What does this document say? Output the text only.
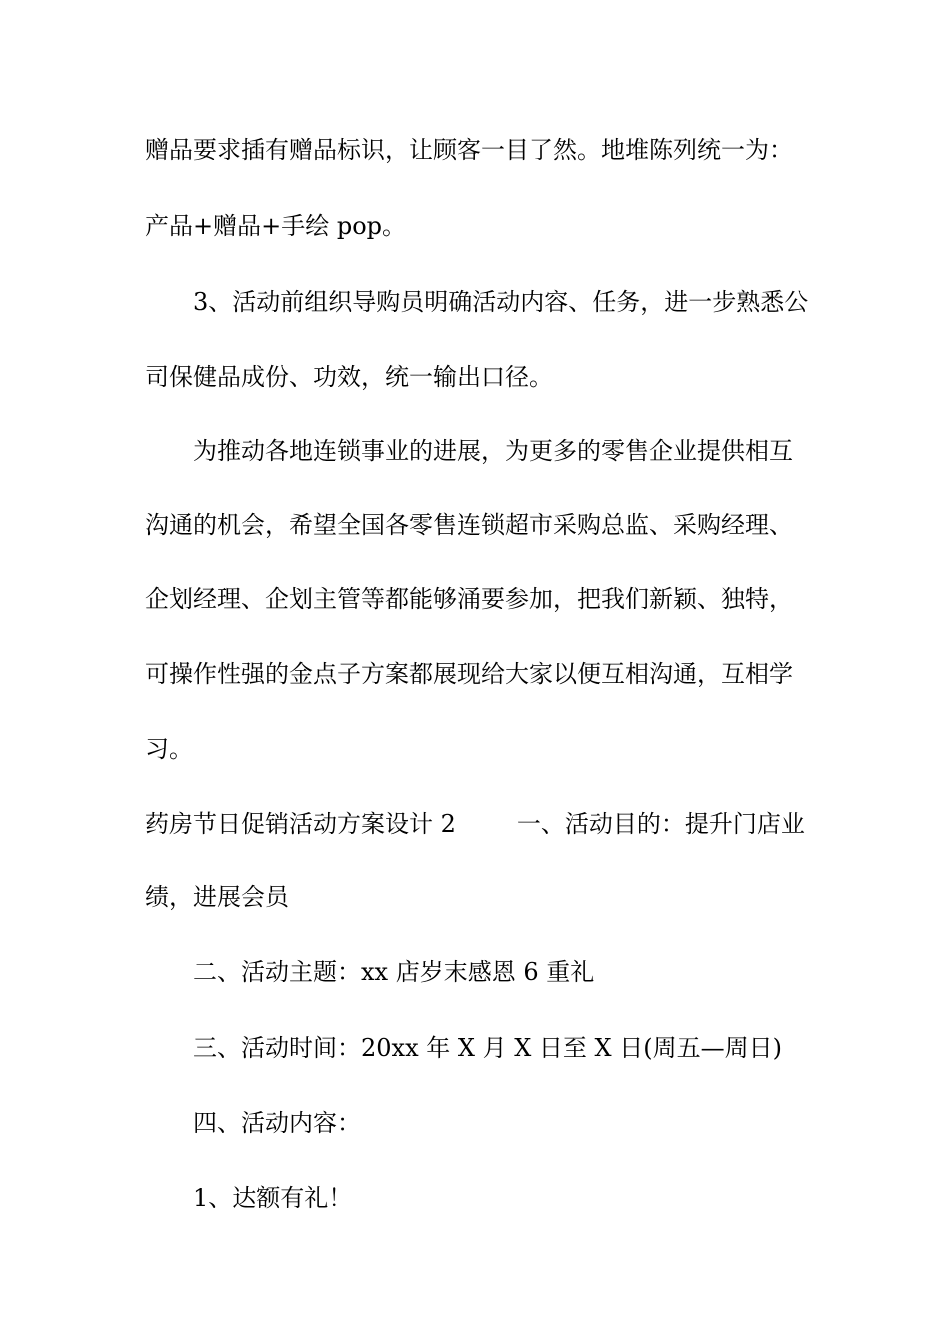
赠品要求插有赠品标识，让顾客一目了然。地堆陈列统一为：
产品+赠品+手绘 pop。
3、活动前组织导购员明确活动内容、任务，进一步熟悉公
司保健品成份、功效，统一输出口径。
为推动各地连锁事业的进展，为更多的零售企业提供相互
沟通的机会，希望全国各零售连锁超市采购总监、采购经理、
企划经理、企划主管等都能够涌要参加，把我们新颖、独特，
可操作性强的金点子方案都展现给大家以便互相沟通，互相学
习。
药房节日促销活动方案设计 2        一、活动目的：提升门店业
绩，进展会员
二、活动主题：xx 店岁末感恩 6 重礼
三、活动时间：20xx 年 X 月 X 日至 X 日(周五—周日)
四、活动内容：
1、达额有礼！
